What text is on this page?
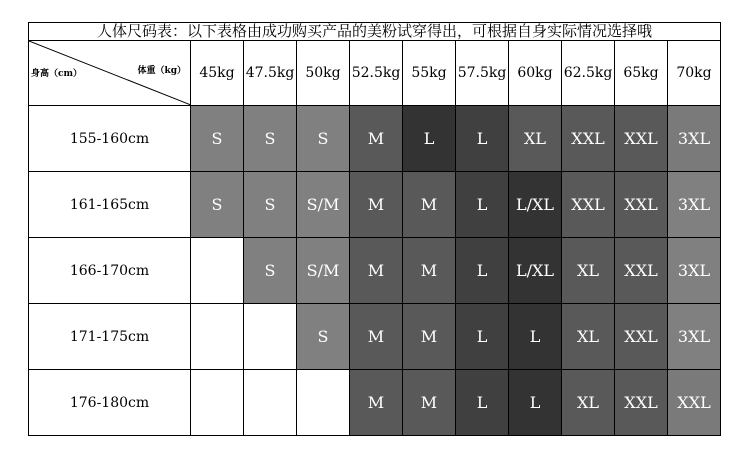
人体尺码表：以下表格由成功购买产品的美粉试穿得出，可根据自身实际情况选择哦
体重（kg）
身高（cm）	45kg	47.5kg	50kg	52.5kg	55kg	57.5kg	60kg	62.5kg	65kg	70kg
155-160cm	S	S	S	M	L	L	XL	XXL	XXL	3XL
161-165cm	S	S	S/M	M	M	L	L/XL	XXL	XXL	3XL
166-170cm		S	S/M	M	M	L	L/XL	XL	XXL	3XL
171-175cm			S	M	M	L	L	XL	XXL	3XL
176-180cm				M	M	L	L	XL	XXL	XXL
